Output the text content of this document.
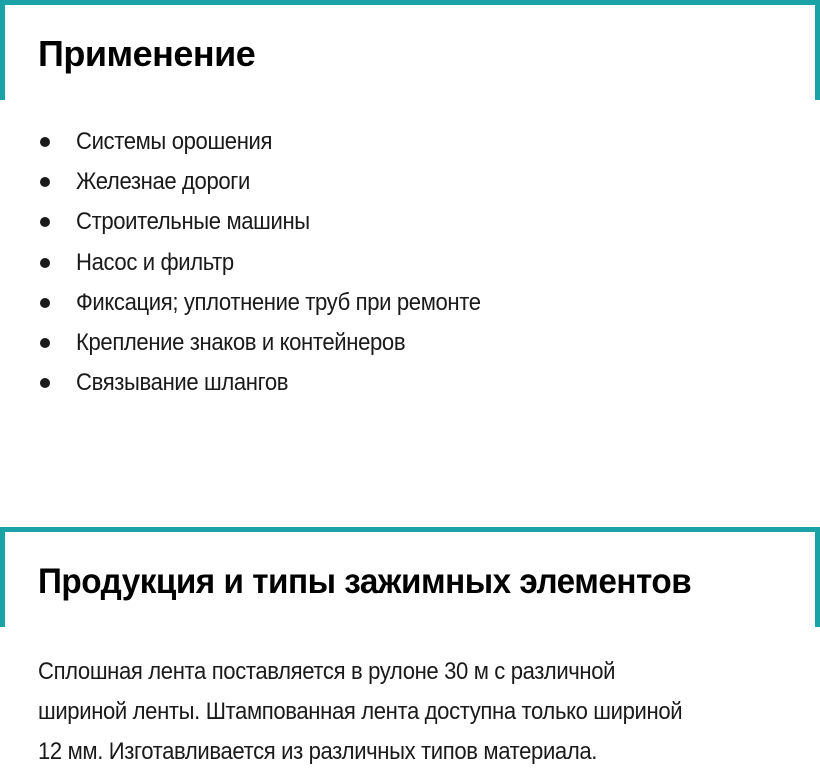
Применение
Системы орошения
Железнае дороги
Строительные машины
Насос и фильтр
Фиксация; уплотнение труб при ремонте
Крепление знаков и контейнеров
Связывание шлангов
Продукция и типы зажимных элементов

Сплошная лента поставляется в рулоне 30 м с различной
шириной ленты. Штампованная лента доступна только шириной
12 мм. Изготавливается из различных типов материала.
